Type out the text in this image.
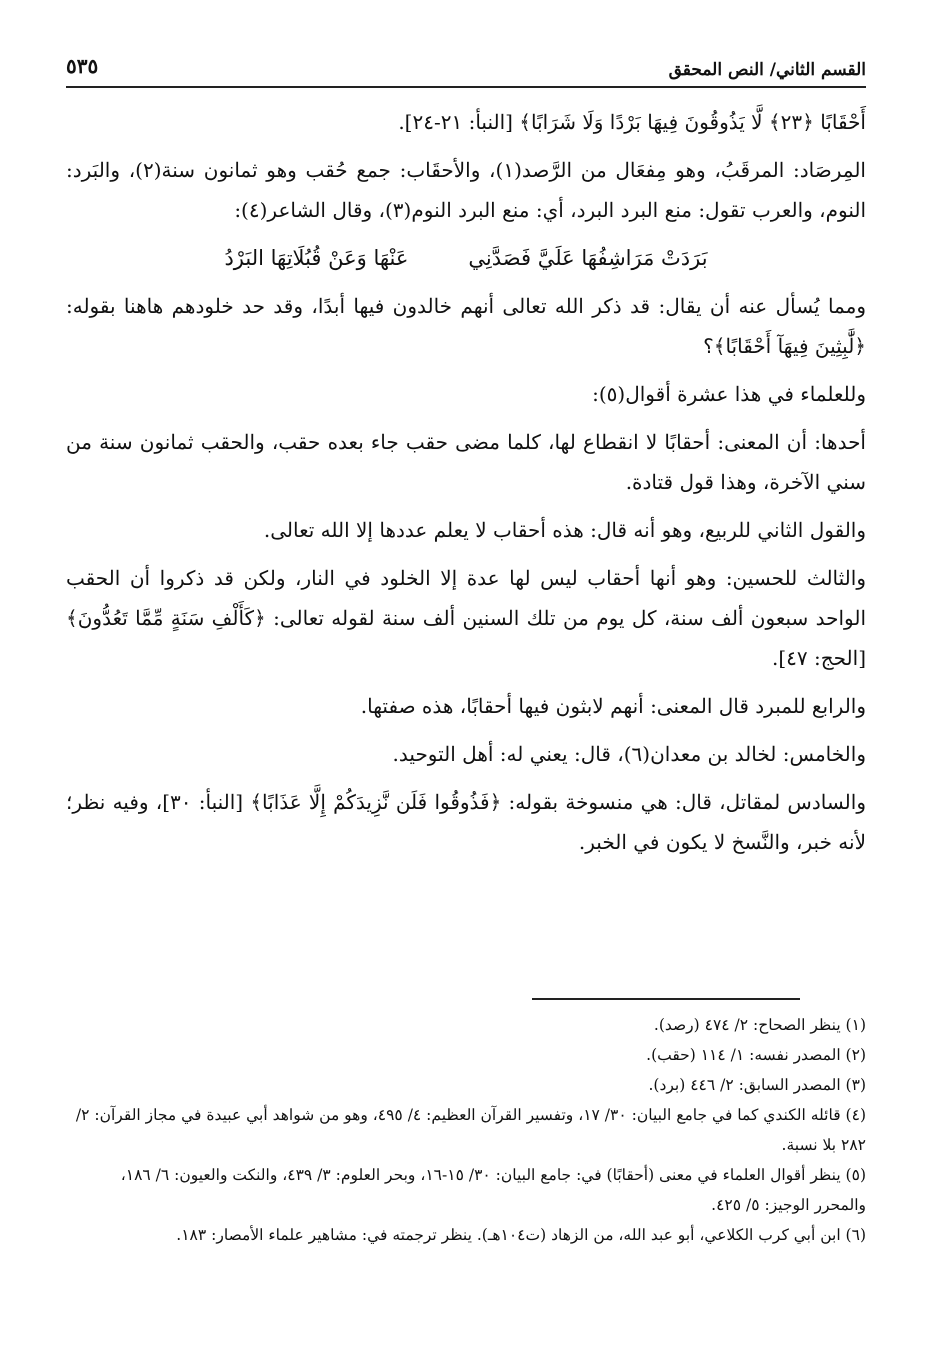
القسم الثاني/ النص المحقق
٥٣٥

أَحْقَابًا ﴿٢٣﴾ لَّا يَذُوقُونَ فِيهَا بَرْدًا وَلَا شَرَابًا﴾ [النبأ: ٢١-٢٤].

المِرصَاد: المرقَبُ، وهو مِفعَال من الرَّصد(١)، والأحقَاب: جمع حُقب وهو ثمانون سنة(٢)، والبَرد: النوم، والعرب تقول: منع البرد البرد، أي: منع البرد النوم(٣)، وقال الشاعر(٤):

بَرَدَتْ مَرَاشِفُهَا عَلَيَّ فَصَدَّنِي
عَنْهَا وَعَنْ قُبُلَاتِهَا البَرْدُ

ومما يُسأل عنه أن يقال: قد ذكر الله تعالى أنهم خالدون فيها أبدًا، وقد حد خلودهم هاهنا بقوله: ﴿لَّٰبِثِينَ فِيهَآ أَحْقَابًا﴾؟

وللعلماء في هذا عشرة أقوال(٥):

أحدها: أن المعنى: أحقابًا لا انقطاع لها، كلما مضى حقب جاء بعده حقب، والحقب ثمانون سنة من سني الآخرة، وهذا قول قتادة.

والقول الثاني للربيع، وهو أنه قال: هذه أحقاب لا يعلم عددها إلا الله تعالى.

والثالث للحسين: وهو أنها أحقاب ليس لها عدة إلا الخلود في النار، ولكن قد ذكروا أن الحقب الواحد سبعون ألف سنة، كل يوم من تلك السنين ألف سنة لقوله تعالى: ﴿كَأَلْفِ سَنَةٍ مِّمَّا تَعُدُّونَ﴾ [الحج: ٤٧].

والرابع للمبرد قال المعنى: أنهم لابثون فيها أحقابًا، هذه صفتها.

والخامس: لخالد بن معدان(٦)، قال: يعني له: أهل التوحيد.

والسادس لمقاتل، قال: هي منسوخة بقوله: ﴿فَذُوقُوا فَلَن نَّزِيدَكُمْ إِلَّا عَذَابًا﴾ [النبأ: ٣٠]، وفيه نظر؛ لأنه خبر، والنَّسخ لا يكون في الخبر.

(١) ينظر الصحاح: ٢/ ٤٧٤ (رصد).

(٢) المصدر نفسه: ١/ ١١٤ (حقب).

(٣) المصدر السابق: ٢/ ٤٤٦ (برد).

(٤) قائله الكندي كما في جامع البيان: ٣٠/ ١٧، وتفسير القرآن العظيم: ٤/ ٤٩٥، وهو من شواهد أبي عبيدة في مجاز القرآن: ٢/ ٢٨٢ بلا نسبة.

(٥) ينظر أقوال العلماء في معنى (أحقابًا) في: جامع البيان: ٣٠/ ١٥-١٦، وبحر العلوم: ٣/ ٤٣٩، والنكت والعيون: ٦/ ١٨٦، والمحرر الوجيز: ٥/ ٤٢٥.

(٦) ابن أبي كرب الكلاعي، أبو عبد الله، من الزهاد (ت١٠٤هـ). ينظر ترجمته في: مشاهير علماء الأمصار: ١٨٣.
